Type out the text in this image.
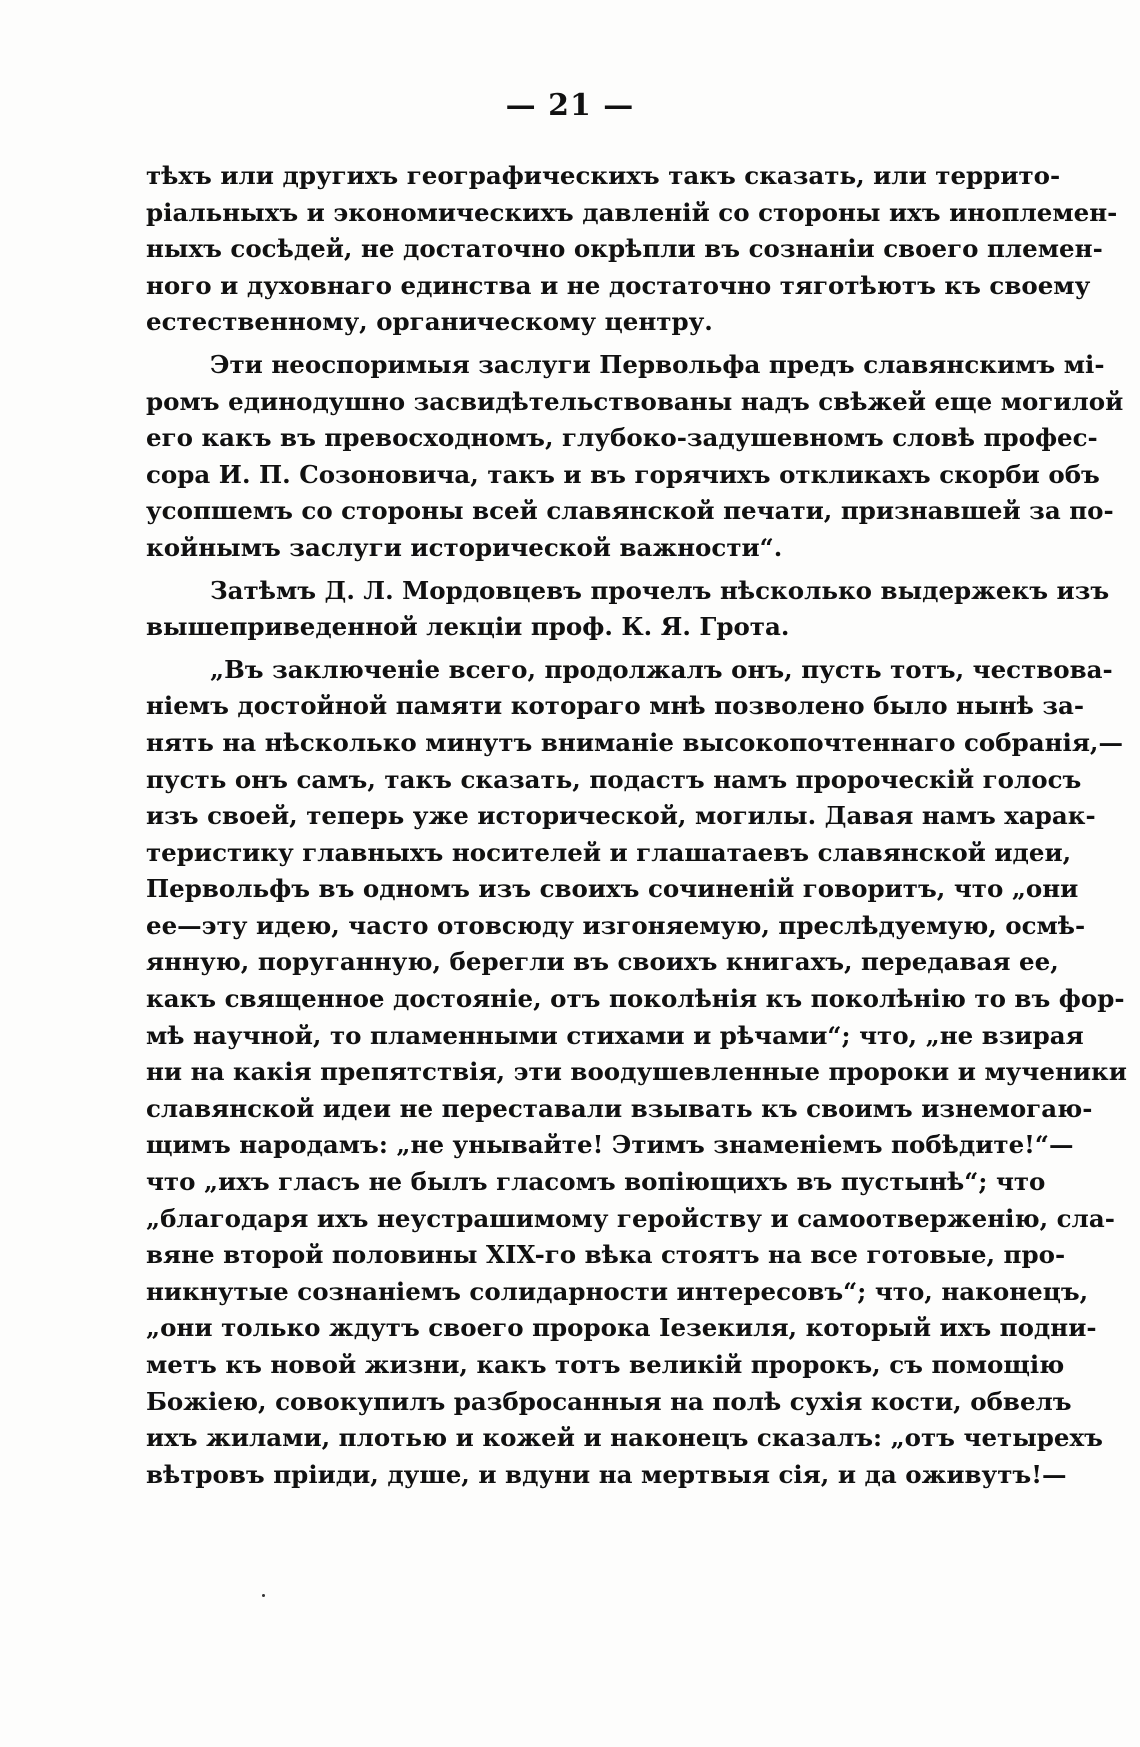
— 21 —
тѣхъ или другихъ географическихъ такъ сказать, или террито-
ріальныхъ и экономическихъ давленій со стороны ихъ иноплемен-
ныхъ сосѣдей, не достаточно окрѣпли въ сознаніи своего племен-
ного и духовнаго единства и не достаточно тяготѣютъ къ своему
естественному, органическому центру.
Эти неоспоримыя заслуги Первольфа предъ славянскимъ мі-
ромъ единодушно засвидѣтельствованы надъ свѣжей еще могилой
его какъ въ превосходномъ, глубоко-задушевномъ словѣ профес-
сора И. П. Созоновича, такъ и въ горячихъ откликахъ скорби объ
усопшемъ со стороны всей славянской печати, признавшей за по-
койнымъ заслуги исторической важности“.
Затѣмъ Д. Л. Мордовцевъ прочелъ нѣсколько выдержекъ изъ
вышеприведенной лекціи проф. К. Я. Грота.
„Въ заключеніе всего, продолжалъ онъ, пусть тотъ, чествова-
ніемъ достойной памяти котораго мнѣ позволено было нынѣ за-
нять на нѣсколько минутъ вниманіе высокопочтеннаго собранія,—
пусть онъ самъ, такъ сказать, подастъ намъ пророческій голосъ
изъ своей, теперь уже исторической, могилы. Давая намъ харак-
теристику главныхъ носителей и глашатаевъ славянской идеи,
Первольфъ въ одномъ изъ своихъ сочиненій говоритъ, что „они
ее—эту идею, часто отовсюду изгоняемую, преслѣдуемую, осмѣ-
янную, поруганную, берегли въ своихъ книгахъ, передавая ее,
какъ священное достояніе, отъ поколѣнія къ поколѣнію то въ фор-
мѣ научной, то пламенными стихами и рѣчами“; что, „не взирая
ни на какія препятствія, эти воодушевленные пророки и мученики
славянской идеи не переставали взывать къ своимъ изнемогаю-
щимъ народамъ: „не унывайте! Этимъ знаменіемъ побѣдите!“—
что „ихъ гласъ не былъ гласомъ вопіющихъ въ пустынѣ“; что
„благодаря ихъ неустрашимому геройству и самоотверженію, сла-
вяне второй половины XIX-го вѣка стоятъ на все готовые, про-
никнутые сознаніемъ солидарности интересовъ“; что, наконецъ,
„они только ждутъ своего пророка Іезекиля, который ихъ подни-
метъ къ новой жизни, какъ тотъ великій пророкъ, съ помощію
Божіею, совокупилъ разбросанныя на полѣ сухія кости, обвелъ
ихъ жилами, плотью и кожей и наконецъ сказалъ: „отъ четырехъ
вѣтровъ пріиди, душе, и вдуни на мертвыя сія, и да оживутъ!—
